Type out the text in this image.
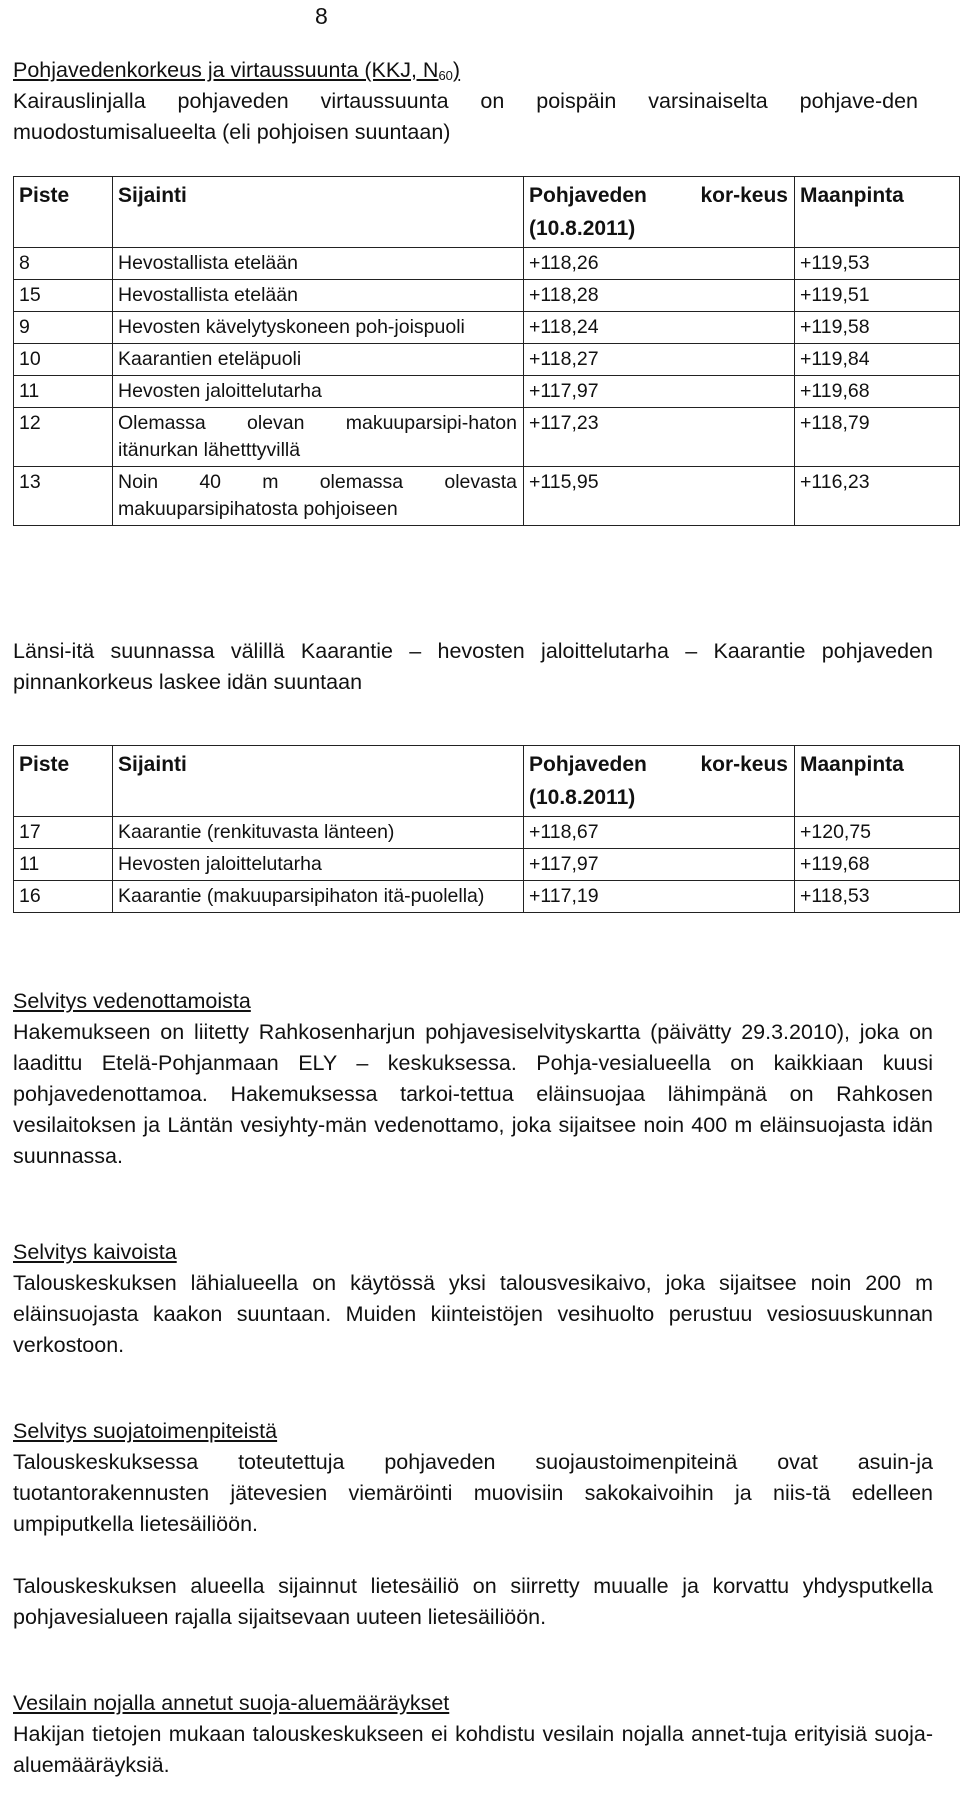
8
Pohjavedenkorkeus ja virtaussuunta (KKJ, $N_{60}$)
Kairauslinjalla pohjaveden virtaussuunta on poispäin varsinaiselta pohjave-den muodostumisalueelta (eli pohjoisen suuntaan)
Piste	Sijainti	Pohjaveden kor-keus (10.8.2011)	Maanpinta
8	Hevostallista etelään	+118,26	+119,53
15	Hevostallista etelään	+118,28	+119,51
9	Hevosten kävelytyskoneen poh-joispuoli	+118,24	+119,58
10	Kaarantien eteläpuoli	+118,27	+119,84
11	Hevosten jaloittelutarha	+117,97	+119,68
12	Olemassa olevan makuuparsipi-haton itänurkan lähetttyvillä	+117,23	+118,79
13	Noin 40 m olemassa olevasta makuuparsipihatosta pohjoiseen	+115,95	+116,23
Länsi-itä suunnassa välillä Kaarantie – hevosten jaloittelutarha – Kaarantie pohjaveden pinnankorkeus laskee idän suuntaan
Piste	Sijainti	Pohjaveden kor-keus (10.8.2011)	Maanpinta
17	Kaarantie (renkituvasta länteen)	+118,67	+120,75
11	Hevosten jaloittelutarha	+117,97	+119,68
16	Kaarantie (makuuparsipihaton itä-puolella)	+117,19	+118,53
Selvitys vedenottamoista
Hakemukseen on liitetty Rahkosenharjun pohjavesiselvityskartta (päivätty 29.3.2010), joka on laadittu Etelä-Pohjanmaan ELY – keskuksessa. Pohja-vesialueella on kaikkiaan kuusi pohjavedenottamoa. Hakemuksessa tarkoi-tettua eläinsuojaa lähimpänä on Rahkosen vesilaitoksen ja Läntän vesiyhty-män vedenottamo, joka sijaitsee noin 400 m eläinsuojasta idän suunnassa.
Selvitys kaivoista
Talouskeskuksen lähialueella on käytössä yksi talousvesikaivo, joka sijaitsee noin 200 m eläinsuojasta kaakon suuntaan. Muiden kiinteistöjen vesihuolto perustuu vesiosuuskunnan verkostoon.
Selvitys suojatoimenpiteistä
Talouskeskuksessa toteutettuja pohjaveden suojaustoimenpiteinä ovat asuin-ja tuotantorakennusten jätevesien viemäröinti muovisiin sakokaivoihin ja niis-tä edelleen umpiputkella lietesäiliöön.
Talouskeskuksen alueella sijainnut lietesäiliö on siirretty muualle ja korvattu yhdysputkella pohjavesialueen rajalla sijaitsevaan uuteen lietesäiliöön.
Vesilain nojalla annetut suoja-aluemääräykset
Hakijan tietojen mukaan talouskeskukseen ei kohdistu vesilain nojalla annet-tuja erityisiä suoja-aluemääräyksiä.
